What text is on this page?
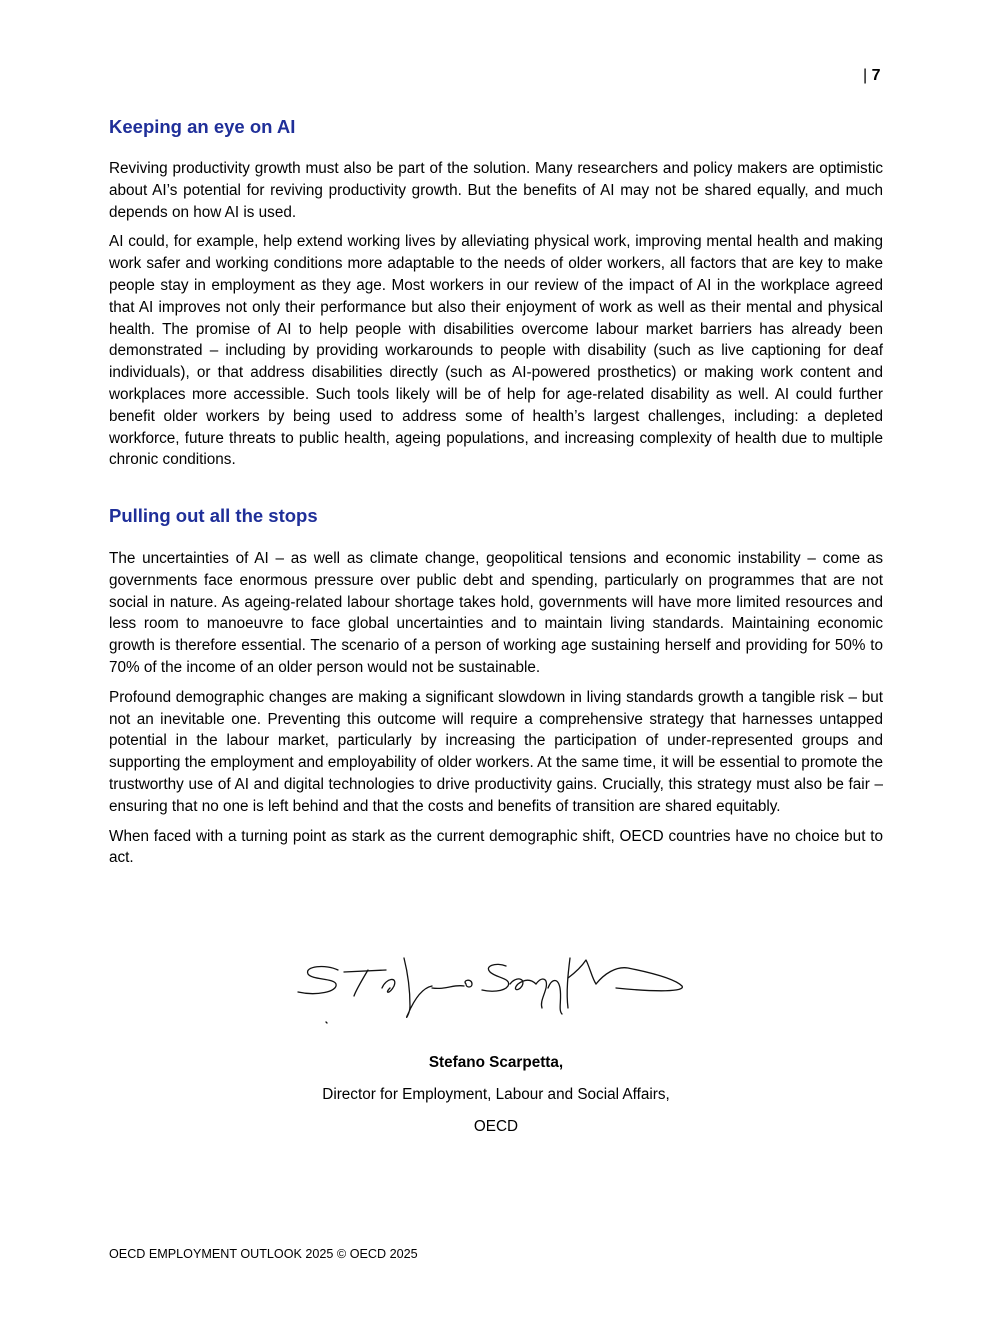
| 7
Keeping an eye on AI

Reviving productivity growth must also be part of the solution. Many researchers and policy makers are optimistic about AI’s potential for reviving productivity growth. But the benefits of AI may not be shared equally, and much depends on how AI is used.

AI could, for example, help extend working lives by alleviating physical work, improving mental health and making work safer and working conditions more adaptable to the needs of older workers, all factors that are key to make people stay in employment as they age. Most workers in our review of the impact of AI in the workplace agreed that AI improves not only their performance but also their enjoyment of work as well as their mental and physical health. The promise of AI to help people with disabilities overcome labour market barriers has already been demonstrated – including by providing workarounds to people with disability (such as live captioning for deaf individuals), or that address disabilities directly (such as AI-powered prosthetics) or making work content and workplaces more accessible. Such tools likely will be of help for age-related disability as well. AI could further benefit older workers by being used to address some of health’s largest challenges, including: a depleted workforce, future threats to public health, ageing populations, and increasing complexity of health due to multiple chronic conditions.

Pulling out all the stops

The uncertainties of AI – as well as climate change, geopolitical tensions and economic instability – come as governments face enormous pressure over public debt and spending, particularly on programmes that are not social in nature. As ageing-related labour shortage takes hold, governments will have more limited resources and less room to manoeuvre to face global uncertainties and to maintain living standards. Maintaining economic growth is therefore essential. The scenario of a person of working age sustaining herself and providing for 50% to 70% of the income of an older person would not be sustainable.

Profound demographic changes are making a significant slowdown in living standards growth a tangible risk – but not an inevitable one. Preventing this outcome will require a comprehensive strategy that harnesses untapped potential in the labour market, particularly by increasing the participation of under-represented groups and supporting the employment and employability of older workers. At the same time, it will be essential to promote the trustworthy use of AI and digital technologies to drive productivity gains. Crucially, this strategy must also be fair – ensuring that no one is left behind and that the costs and benefits of transition are shared equitably.

When faced with a turning point as stark as the current demographic shift, OECD countries have no choice but to act.

Stefano Scarpetta,
Director for Employment, Labour and Social Affairs,
OECD
OECD EMPLOYMENT OUTLOOK 2025 © OECD 2025
